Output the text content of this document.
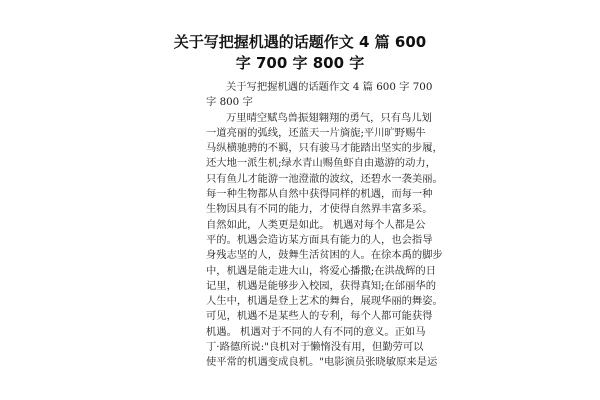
关于写把握机遇的话题作文 4 篇 600
字 700 字 800 字
关于写把握机遇的话题作文 4 篇 600 字 700
字 800 字
万里晴空赋鸟兽振翅翱翔的勇气，只有鸟儿划
一道亮丽的弧线，还蓝天一片旖旎;平川旷野赐牛
马纵横驰骋的不羁，只有骏马才能踏出坚实的步履，
还大地一派生机;绿水青山赐鱼虾自由遨游的动力，
只有鱼儿才能游一池澄澈的波纹，还碧水一袭美丽。
每一种生物都从自然中获得同样的机遇，而每一种
生物因具有不同的能力，才使得自然界丰富多采。
自然如此，人类更是如此。 机遇对每个人都是公
平的。机遇会造访某方面具有能力的人，也会指导
身残志坚的人，鼓舞生活贫困的人。在徐本禹的脚步
中，机遇是能走进大山，将爱心播撒;在洪战辉的日
记里，机遇是能够步入校园，获得真知;在邰丽华的
人生中，机遇是登上艺术的舞台，展现华丽的舞姿。
可见，机遇不是某些人的专利，每个人都可能获得
机遇。 机遇对于不同的人有不同的意义。正如马
丁·路德所说:"良机对于懒惰没有用，但勤劳可以
使平常的机遇变成良机。"电影演员张晓敏原来是运
